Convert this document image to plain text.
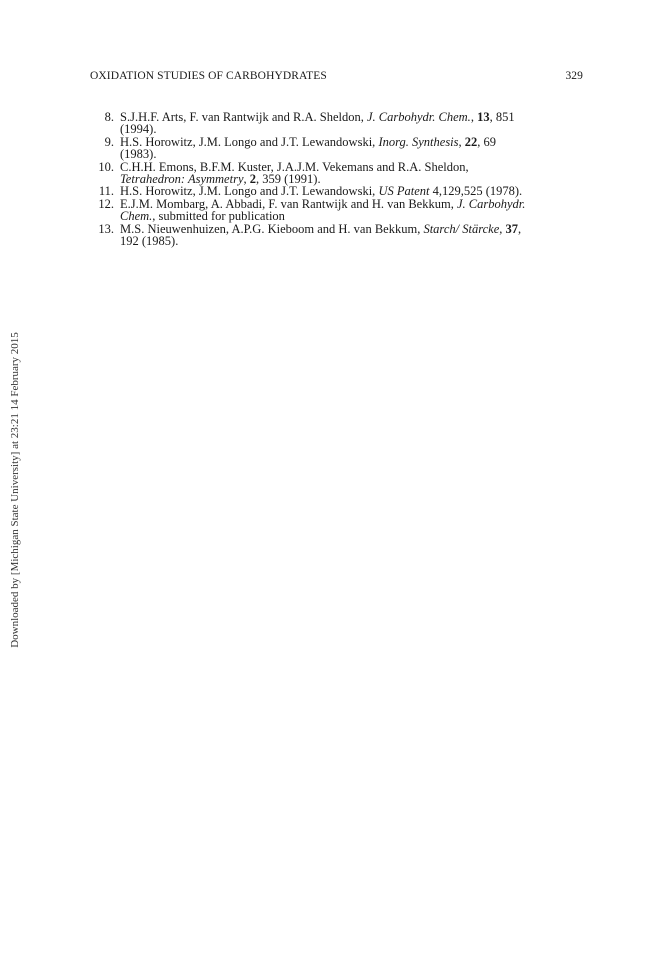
Downloaded by [Michigan State University] at 23:21 14 February 2015
OXIDATION STUDIES OF CARBOHYDRATES	329
8. S.J.H.F. Arts, F. van Rantwijk and R.A. Sheldon, J. Carbohydr. Chem., 13, 851
(1994).
9. H.S. Horowitz, J.M. Longo and J.T. Lewandowski, Inorg. Synthesis, 22, 69
(1983).
10. C.H.H. Emons, B.F.M. Kuster, J.A.J.M. Vekemans and R.A. Sheldon,
Tetrahedron: Asymmetry, 2, 359 (1991).
11. H.S. Horowitz, J.M. Longo and J.T. Lewandowski, US Patent 4,129,525 (1978).
12. E.J.M. Mombarg, A. Abbadi, F. van Rantwijk and H. van Bekkum, J. Carbohydr.
Chem., submitted for publication
13. M.S. Nieuwenhuizen, A.P.G. Kieboom and H. van Bekkum, Starch/ Stärcke, 37,
192 (1985).
